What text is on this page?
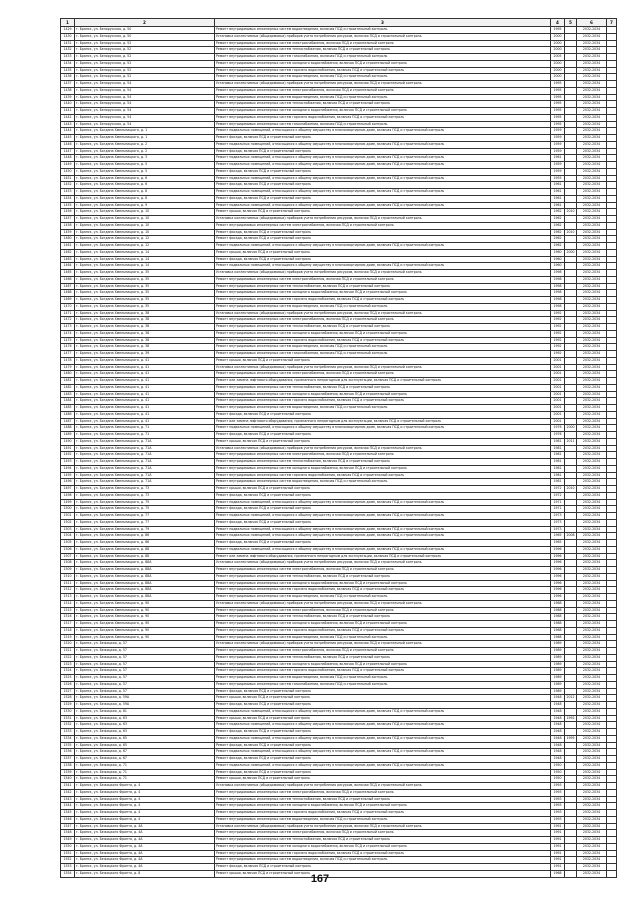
1	2	3	4	5	6	7
1429	г. Брянск, ул. Белорусская, д. 50	Ремонт внутридомовых инженерных систем водоотведения, включая ПСД и строительный контроль	1995		2032-2034	
1430	г. Брянск, ул. Белорусская, д. 50	Установка коллективных (общедомовых) приборов учета потребления ресурсов, включая ПСД и строительный контроль	2000		2032-2034	
1431	г. Брянск, ул. Белорусская, д. 52	Ремонт внутридомовых инженерных систем электроснабжения, включая ПСД и строительный контроль	2000		2032-2034	
1432	г. Брянск, ул. Белорусская, д. 52	Ремонт внутридомовых инженерных систем теплоснабжения, включая ПСД и строительный контроль	2000		2032-2034	
1433	г. Брянск, ул. Белорусская, д. 52	Ремонт внутридомовых инженерных систем газоснабжения, включая ПСД и строительный контроль	2005		2032-2034	
1434	г. Брянск, ул. Белорусская, д. 52	Ремонт внутридомовых инженерных систем холодного водоснабжения, включая ПСД и строительный контроль	2000		2032-2034	
1435	г. Брянск, ул. Белорусская, д. 52	Ремонт внутридомовых инженерных систем горячего водоснабжения, включая ПСД и строительный контроль	2000		2032-2034	
1436	г. Брянск, ул. Белорусская, д. 52	Ремонт внутридомовых инженерных систем водоотведения, включая ПСД и строительный контроль	2000		2032-2034	
1437	г. Брянск, ул. Белорусская, д. 54	Установка коллективных (общедомовых) приборов учета потребления ресурсов, включая ПСД и строительный контроль	1995		2032-2034	
1438	г. Брянск, ул. Белорусская, д. 54	Ремонт внутридомовых инженерных систем электроснабжения, включая ПСД и строительный контроль	1995		2032-2034	
1439	г. Брянск, ул. Белорусская, д. 54	Ремонт внутридомовых инженерных систем водоотведения, включая ПСД и строительный контроль	1995		2032-2034	
1440	г. Брянск, ул. Белорусская, д. 54	Ремонт внутридомовых инженерных систем теплоснабжения, включая ПСД и строительный контроль	1995		2032-2034	
1441	г. Брянск, ул. Белорусская, д. 54	Ремонт внутридомовых инженерных систем холодного водоснабжения, включая ПСД и строительный контроль	1995		2032-2034	
1442	г. Брянск, ул. Белорусская, д. 54	Ремонт внутридомовых инженерных систем горячего водоснабжения, включая ПСД и строительный контроль	1995		2032-2034	
1443	г. Брянск, ул. Белорусская, д. 54	Ремонт внутридомовых инженерных систем газоснабжения, включая ПСД и строительный контроль	1995		2032-2034	
1444	г. Брянск, ул. Богдана Хмельницкого, д. 1	Ремонт подвальных помещений, относящихся к общему имуществу в многоквартирном доме, включая ПСД и строительный контроль	1959		2032-2034	
1445	г. Брянск, ул. Богдана Хмельницкого, д. 1	Ремонт фасада, включая ПСД и строительный контроль	1959		2032-2034	
1446	г. Брянск, ул. Богдана Хмельницкого, д. 2	Ремонт подвальных помещений, относящихся к общему имуществу в многоквартирном доме, включая ПСД и строительный контроль	1959		2032-2034	
1447	г. Брянск, ул. Богдана Хмельницкого, д. 2	Ремонт фасада, включая ПСД и строительный контроль	1959		2032-2034	
1448	г. Брянск, ул. Богдана Хмельницкого, д. 3	Ремонт подвальных помещений, относящихся к общему имуществу в многоквартирном доме, включая ПСД и строительный контроль	1961		2032-2034	
1449	г. Брянск, ул. Богдана Хмельницкого, д. 5	Ремонт подвальных помещений, относящихся к общему имуществу в многоквартирном доме, включая ПСД и строительный контроль	1959		2032-2034	
1450	г. Брянск, ул. Богдана Хмельницкого, д. 5	Ремонт фасада, включая ПСД и строительный контроль	1959		2032-2034	
1451	г. Брянск, ул. Богдана Хмельницкого, д. 6	Ремонт подвальных помещений, относящихся к общему имуществу в многоквартирном доме, включая ПСД и строительный контроль	1955		2032-2034	
1452	г. Брянск, ул. Богдана Хмельницкого, д. 6	Ремонт фасада, включая ПСД и строительный контроль	1961		2032-2034	
1453	г. Брянск, ул. Богдана Хмельницкого, д. 8	Ремонт подвальных помещений, относящихся к общему имуществу в многоквартирном доме, включая ПСД и строительный контроль	1961		2032-2034	
1454	г. Брянск, ул. Богдана Хмельницкого, д. 8	Ремонт фасада, включая ПСД и строительный контроль	1961		2032-2034	
1455	г. Брянск, ул. Богдана Хмельницкого, д. 9	Ремонт подвальных помещений, относящихся к общему имуществу в многоквартирном доме, включая ПСД и строительный контроль	1961		2032-2034	
1456	г. Брянск, ул. Богдана Хмельницкого, д. 10	Ремонт крыши, включая ПСД и строительный контроль	1962	2010	2032-2034	
1457	г. Брянск, ул. Богдана Хмельницкого, д. 10	Установка коллективных (общедомовых) приборов учета потребления ресурсов, включая ПСД и строительный контроль	1962		2032-2034	
1458	г. Брянск, ул. Богдана Хмельницкого, д. 10	Ремонт внутридомовых инженерных систем электроснабжения, включая ПСД и строительный контроль	1962		2032-2034	
1459	г. Брянск, ул. Богдана Хмельницкого, д. 10	Ремонт фасада, включая ПСД и строительный контроль	1962	2010	2032-2034	
1460	г. Брянск, ул. Богдана Хмельницкого, д. 12	Ремонт фасада, включая ПСД и строительный контроль	1962		2032-2034	
1461	г. Брянск, ул. Богдана Хмельницкого, д. 12	Ремонт подвальных помещений, относящихся к общему имуществу в многоквартирном доме, включая ПСД и строительный контроль	1962		2032-2034	
1462	г. Брянск, ул. Богдана Хмельницкого, д. 14	Ремонт крыши, включая ПСД и строительный контроль	1960	2000	2032-2034	
1463	г. Брянск, ул. Богдана Хмельницкого, д. 14	Ремонт фасада, включая ПСД и строительный контроль	1960		2032-2034	
1464	г. Брянск, ул. Богдана Хмельницкого, д. 14	Ремонт подвальных помещений, относящихся к общему имуществу в многоквартирном доме, включая ПСД и строительный контроль	1960		2032-2034	
1465	г. Брянск, ул. Богдана Хмельницкого, д. 35	Установка коллективных (общедомовых) приборов учета потребления ресурсов, включая ПСД и строительный контроль	1998		2032-2034	
1466	г. Брянск, ул. Богдана Хмельницкого, д. 35	Ремонт внутридомовых инженерных систем электроснабжения, включая ПСД и строительный контроль	1998		2032-2034	
1467	г. Брянск, ул. Богдана Хмельницкого, д. 35	Ремонт внутридомовых инженерных систем теплоснабжения, включая ПСД и строительный контроль	1998		2032-2034	
1468	г. Брянск, ул. Богдана Хмельницкого, д. 35	Ремонт внутридомовых инженерных систем холодного водоснабжения, включая ПСД и строительный контроль	1998		2032-2034	
1469	г. Брянск, ул. Богдана Хмельницкого, д. 35	Ремонт внутридомовых инженерных систем горячего водоснабжения, включая ПСД и строительный контроль	1998		2032-2034	
1470	г. Брянск, ул. Богдана Хмельницкого, д. 35	Ремонт внутридомовых инженерных систем водоотведения, включая ПСД и строительный контроль	1998		2032-2034	
1471	г. Брянск, ул. Богдана Хмельницкого, д. 38	Установка коллективных (общедомовых) приборов учета потребления ресурсов, включая ПСД и строительный контроль	1992		2032-2034	
1472	г. Брянск, ул. Богдана Хмельницкого, д. 38	Ремонт внутридомовых инженерных систем электроснабжения, включая ПСД и строительный контроль	1992		2032-2034	
1473	г. Брянск, ул. Богдана Хмельницкого, д. 38	Ремонт внутридомовых инженерных систем теплоснабжения, включая ПСД и строительный контроль	1992		2032-2034	
1474	г. Брянск, ул. Богдана Хмельницкого, д. 38	Ремонт внутридомовых инженерных систем холодного водоснабжения, включая ПСД и строительный контроль	1992		2032-2034	
1475	г. Брянск, ул. Богдана Хмельницкого, д. 38	Ремонт внутридомовых инженерных систем горячего водоснабжения, включая ПСД и строительный контроль	1992		2032-2034	
1476	г. Брянск, ул. Богдана Хмельницкого, д. 38	Ремонт внутридомовых инженерных систем водоотведения, включая ПСД и строительный контроль	1992		2032-2034	
1477	г. Брянск, ул. Богдана Хмельницкого, д. 39	Ремонт внутридомовых инженерных систем газоснабжения, включая ПСД и строительный контроль	1992		2032-2034	
1478	г. Брянск, ул. Богдана Хмельницкого, д. 41	Ремонт крыши, включая ПСД и строительный контроль	2001		2032-2034	
1479	г. Брянск, ул. Богдана Хмельницкого, д. 41	Установка коллективных (общедомовых) приборов учета потребления ресурсов, включая ПСД и строительный контроль	2001		2032-2034	
1480	г. Брянск, ул. Богдана Хмельницкого, д. 41	Ремонт внутридомовых инженерных систем электроснабжения, включая ПСД и строительный контроль	2001		2032-2034	
1481	г. Брянск, ул. Богдана Хмельницкого, д. 41	Ремонт или замена лифтового оборудования, признанного непригодным для эксплуатации, включая ПСД и строительный контроль	2001		2032-2034	
1482	г. Брянск, ул. Богдана Хмельницкого, д. 41	Ремонт внутридомовых инженерных систем теплоснабжения, включая ПСД и строительный контроль	2001		2032-2034	
1483	г. Брянск, ул. Богдана Хмельницкого, д. 41	Ремонт внутридомовых инженерных систем холодного водоснабжения, включая ПСД и строительный контроль	2001		2032-2034	
1484	г. Брянск, ул. Богдана Хмельницкого, д. 41	Ремонт внутридомовых инженерных систем горячего водоснабжения, включая ПСД и строительный контроль	2001		2032-2034	
1485	г. Брянск, ул. Богдана Хмельницкого, д. 41	Ремонт внутридомовых инженерных систем водоотведения, включая ПСД и строительный контроль	2001		2032-2034	
1486	г. Брянск, ул. Богдана Хмельницкого, д. 41	Ремонт фасада, включая ПСД и строительный контроль	2001		2032-2034	
1487	г. Брянск, ул. Богдана Хмельницкого, д. 41	Ремонт или замена лифтового оборудования, признанного непригодным для эксплуатации, включая ПСД и строительный контроль	2001		2032-2034	
1488	г. Брянск, ул. Богдана Хмельницкого, д. 71	Ремонт подвальных помещений, относящихся к общему имуществу в многоквартирном доме, включая ПСД и строительный контроль	1976	2000	2032-2034	
1489	г. Брянск, ул. Богдана Хмельницкого, д. 71	Ремонт фасада, включая ПСД и строительный контроль	1976		2032-2034	
1490	г. Брянск, ул. Богдана Хмельницкого, д. 71А	Ремонт крыши, включая ПСД и строительный контроль	1981	2011	2032-2034	
1491	г. Брянск, ул. Богдана Хмельницкого, д. 71А	Установка коллективных (общедомовых) приборов учета потребления ресурсов, включая ПСД и строительный контроль	1981		2032-2034	
1492	г. Брянск, ул. Богдана Хмельницкого, д. 71А	Ремонт внутридомовых инженерных систем электроснабжения, включая ПСД и строительный контроль	1981		2032-2034	
1493	г. Брянск, ул. Богдана Хмельницкого, д. 71А	Ремонт внутридомовых инженерных систем теплоснабжения, включая ПСД и строительный контроль	1981		2032-2034	
1494	г. Брянск, ул. Богдана Хмельницкого, д. 71А	Ремонт внутридомовых инженерных систем холодного водоснабжения, включая ПСД и строительный контроль	1981		2032-2034	
1495	г. Брянск, ул. Богдана Хмельницкого, д. 71А	Ремонт внутридомовых инженерных систем горячего водоснабжения, включая ПСД и строительный контроль	1981		2032-2034	
1496	г. Брянск, ул. Богдана Хмельницкого, д. 71А	Ремонт внутридомовых инженерных систем водоотведения, включая ПСД и строительный контроль	1981		2032-2034	
1497	г. Брянск, ул. Богдана Хмельницкого, д. 73	Ремонт крыши, включая ПСД и строительный контроль	1972	2010	2032-2034	
1498	г. Брянск, ул. Богдана Хмельницкого, д. 73	Ремонт фасада, включая ПСД и строительный контроль	1972		2032-2034	
1499	г. Брянск, ул. Богдана Хмельницкого, д. 75	Ремонт подвальных помещений, относящихся к общему имуществу в многоквартирном доме, включая ПСД и строительный контроль	1971		2032-2034	
1500	г. Брянск, ул. Богдана Хмельницкого, д. 75	Ремонт фасада, включая ПСД и строительный контроль	1971		2032-2034	
1501	г. Брянск, ул. Богдана Хмельницкого, д. 77	Ремонт подвальных помещений, относящихся к общему имуществу в многоквартирном доме, включая ПСД и строительный контроль	1973		2032-2034	
1502	г. Брянск, ул. Богдана Хмельницкого, д. 77	Ремонт фасада, включая ПСД и строительный контроль	1973		2032-2034	
1503	г. Брянск, ул. Богдана Хмельницкого, д. 79	Ремонт подвальных помещений, относящихся к общему имуществу в многоквартирном доме, включая ПСД и строительный контроль	1973		2032-2034	
1504	г. Брянск, ул. Богдана Хмельницкого, д. 86	Ремонт подвальных помещений, относящихся к общему имуществу в многоквартирном доме, включая ПСД и строительный контроль	1965	2008	2032-2034	
1505	г. Брянск, ул. Богдана Хмельницкого, д. 86	Ремонт фасада, включая ПСД и строительный контроль	1965		2032-2034	
1506	г. Брянск, ул. Богдана Хмельницкого, д. 88	Ремонт подвальных помещений, относящихся к общему имуществу в многоквартирном доме, включая ПСД и строительный контроль	1996		2032-2034	
1507	г. Брянск, ул. Богдана Хмельницкого, д. 88	Ремонт или замена лифтового оборудования, признанного непригодным для эксплуатации, включая ПСД и строительный контроль	1996		2032-2034	
1508	г. Брянск, ул. Богдана Хмельницкого, д. 88А	Установка коллективных (общедомовых) приборов учета потребления ресурсов, включая ПСД и строительный контроль	1996		2032-2034	
1509	г. Брянск, ул. Богдана Хмельницкого, д. 88А	Ремонт внутридомовых инженерных систем электроснабжения, включая ПСД и строительный контроль	1996		2032-2034	
1510	г. Брянск, ул. Богдана Хмельницкого, д. 88А	Ремонт внутридомовых инженерных систем теплоснабжения, включая ПСД и строительный контроль	1996		2032-2034	
1511	г. Брянск, ул. Богдана Хмельницкого, д. 88А	Ремонт внутридомовых инженерных систем холодного водоснабжения, включая ПСД и строительный контроль	1996		2032-2034	
1512	г. Брянск, ул. Богдана Хмельницкого, д. 88А	Ремонт внутридомовых инженерных систем горячего водоснабжения, включая ПСД и строительный контроль	1996		2032-2034	
1513	г. Брянск, ул. Богдана Хмельницкого, д. 88А	Ремонт внутридомовых инженерных систем водоотведения, включая ПСД и строительный контроль	1996		2032-2034	
1514	г. Брянск, ул. Богдана Хмельницкого, д. 90	Установка коллективных (общедомовых) приборов учета потребления ресурсов, включая ПСД и строительный контроль	1988		2032-2034	
1515	г. Брянск, ул. Богдана Хмельницкого, д. 90	Ремонт внутридомовых инженерных систем электроснабжения, включая ПСД и строительный контроль	1988		2032-2034	
1516	г. Брянск, ул. Богдана Хмельницкого, д. 90	Ремонт внутридомовых инженерных систем теплоснабжения, включая ПСД и строительный контроль	1988		2032-2034	
1517	г. Брянск, ул. Богдана Хмельницкого, д. 90	Ремонт внутридомовых инженерных систем холодного водоснабжения, включая ПСД и строительный контроль	1988		2032-2034	
1518	г. Брянск, ул. Богдана Хмельницкого, д. 90	Ремонт внутридомовых инженерных систем горячего водоснабжения, включая ПСД и строительный контроль	1988		2032-2034	
1519	г. Брянск, ул. Богдана Хмельницкого, д. 90	Ремонт внутридомовых инженерных систем водоотведения, включая ПСД и строительный контроль	1988		2032-2034	
1520	г. Брянск, ул. Бежицкая, д. 57	Установка коллективных (общедомовых) приборов учета потребления ресурсов, включая ПСД и строительный контроль	1989		2032-2034	
1521	г. Брянск, ул. Бежицкая, д. 57	Ремонт внутридомовых инженерных систем электроснабжения, включая ПСД и строительный контроль	1989		2032-2034	
1522	г. Брянск, ул. Бежицкая, д. 57	Ремонт внутридомовых инженерных систем теплоснабжения, включая ПСД и строительный контроль	1989		2032-2034	
1523	г. Брянск, ул. Бежицкая, д. 57	Ремонт внутридомовых инженерных систем холодного водоснабжения, включая ПСД и строительный контроль	1989		2032-2034	
1524	г. Брянск, ул. Бежицкая, д. 57	Ремонт внутридомовых инженерных систем горячего водоснабжения, включая ПСД и строительный контроль	1989		2032-2034	
1525	г. Брянск, ул. Бежицкая, д. 57	Ремонт внутридомовых инженерных систем водоотведения, включая ПСД и строительный контроль	1989		2032-2034	
1526	г. Брянск, ул. Бежицкая, д. 57	Ремонт внутридомовых инженерных систем газоснабжения, включая ПСД и строительный контроль	1989		2032-2034	
1527	г. Брянск, ул. Бежицкая, д. 57	Ремонт фасада, включая ПСД и строительный контроль	1989		2032-2034	
1528	г. Брянск, ул. Бежицкая, д. 59А	Ремонт крыши, включая ПСД и строительный контроль	1948	2012	2032-2034	
1529	г. Брянск, ул. Бежицкая, д. 59А	Ремонт фасада, включая ПСД и строительный контроль	1948		2032-2034	
1530	г. Брянск, ул. Бежицкая, д. 61	Ремонт подвальных помещений, относящихся к общему имуществу в многоквартирном доме, включая ПСД и строительный контроль	1948		2032-2034	
1531	г. Брянск, ул. Бежицкая, д. 63	Ремонт крыши, включая ПСД и строительный контроль	1948	1992	2032-2034	
1532	г. Брянск, ул. Бежицкая, д. 63	Ремонт подвальных помещений, относящихся к общему имуществу в многоквартирном доме, включая ПСД и строительный контроль	1948		2032-2034	
1533	г. Брянск, ул. Бежицкая, д. 63	Ремонт фасада, включая ПСД и строительный контроль	1948		2032-2034	
1534	г. Брянск, ул. Бежицкая, д. 65	Ремонт подвальных помещений, относящихся к общему имуществу в многоквартирном доме, включая ПСД и строительный контроль	1948	1995	2032-2034	
1535	г. Брянск, ул. Бежицкая, д. 65	Ремонт фасада, включая ПСД и строительный контроль	1948		2032-2034	
1536	г. Брянск, ул. Бежицкая, д. 67	Ремонт подвальных помещений, относящихся к общему имуществу в многоквартирном доме, включая ПСД и строительный контроль	1948		2032-2034	
1537	г. Брянск, ул. Бежицкая, д. 67	Ремонт фасада, включая ПСД и строительный контроль	1948		2032-2034	
1538	г. Брянск, ул. Бежицкая, д. 71	Ремонт подвальных помещений, относящихся к общему имуществу в многоквартирном доме, включая ПСД и строительный контроль	1950		2032-2034	
1539	г. Брянск, ул. Бежицкая, д. 71	Ремонт фасада, включая ПСД и строительный контроль	1950		2032-2034	
1540	г. Брянск, ул. Бежицкая, д. 71	Ремонт крыши, включая ПСД и строительный контроль	1950		2032-2034	
1541	г. Брянск, ул. Бежицкого Фронта, д. 4	Установка коллективных (общедомовых) приборов учета потребления ресурсов, включая ПСД и строительный контроль	1993		2032-2034	
1542	г. Брянск, ул. Бежицкого Фронта, д. 4	Ремонт внутридомовых инженерных систем электроснабжения, включая ПСД и строительный контроль	1993		2032-2034	
1543	г. Брянск, ул. Бежицкого Фронта, д. 4	Ремонт внутридомовых инженерных систем теплоснабжения, включая ПСД и строительный контроль	1993		2032-2034	
1544	г. Брянск, ул. Бежицкого Фронта, д. 4	Ремонт внутридомовых инженерных систем холодного водоснабжения, включая ПСД и строительный контроль	1993		2032-2034	
1545	г. Брянск, ул. Бежицкого Фронта, д. 4	Ремонт внутридомовых инженерных систем горячего водоснабжения, включая ПСД и строительный контроль	1993		2032-2034	
1546	г. Брянск, ул. Бежицкого Фронта, д. 4	Ремонт внутридомовых инженерных систем водоотведения, включая ПСД и строительный контроль	1993		2032-2034	
1547	г. Брянск, ул. Бежицкого Фронта, д. 4А	Установка коллективных (общедомовых) приборов учета потребления ресурсов, включая ПСД и строительный контроль	1991		2032-2034	
1548	г. Брянск, ул. Бежицкого Фронта, д. 4А	Ремонт внутридомовых инженерных систем электроснабжения, включая ПСД и строительный контроль	1991		2032-2034	
1549	г. Брянск, ул. Бежицкого Фронта, д. 4А	Ремонт внутридомовых инженерных систем теплоснабжения, включая ПСД и строительный контроль	1991		2032-2034	
1550	г. Брянск, ул. Бежицкого Фронта, д. 4А	Ремонт внутридомовых инженерных систем холодного водоснабжения, включая ПСД и строительный контроль	1991		2032-2034	
1551	г. Брянск, ул. Бежицкого Фронта, д. 4А	Ремонт внутридомовых инженерных систем горячего водоснабжения, включая ПСД и строительный контроль	1991		2032-2034	
1552	г. Брянск, ул. Бежицкого Фронта, д. 4А	Ремонт внутридомовых инженерных систем водоотведения, включая ПСД и строительный контроль	1991		2032-2034	
1553	г. Брянск, ул. Бежицкого Фронта, д. 4А	Ремонт фасада, включая ПСД и строительный контроль	1991		2032-2034	
1554	г. Брянск, ул. Бежицкого Фронта, д. 8	Ремонт крыши, включая ПСД и строительный контроль	1968		2032-2034	
167
